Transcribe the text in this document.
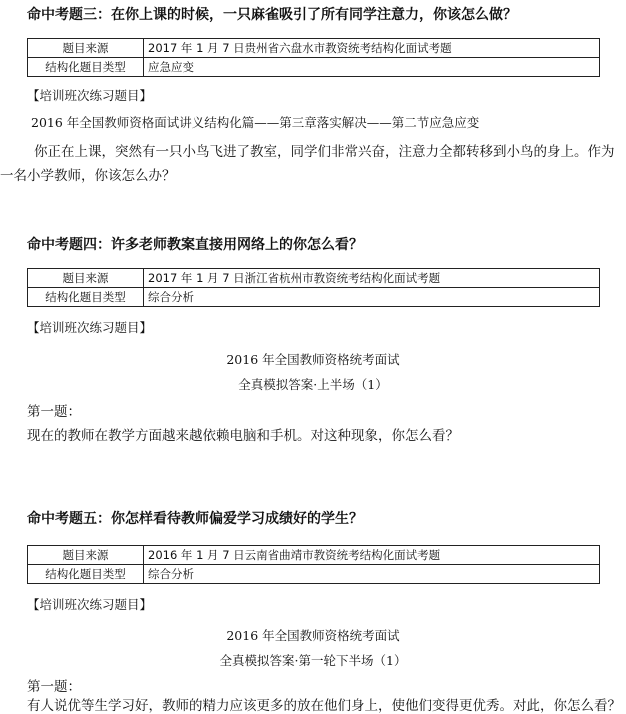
命中考题三：在你上课的时候，一只麻雀吸引了所有同学注意力，你该怎么做？
题目来源	2017 年 1 月 7 日贵州省六盘水市教资统考结构化面试考题
结构化题目类型	应急应变
【培训班次练习题目】
2016 年全国教师资格面试讲义结构化篇——第三章落实解决——第二节应急应变
你正在上课，突然有一只小鸟飞进了教室，同学们非常兴奋，注意力全都转移到小鸟的身上。作为
一名小学教师，你该怎么办？
命中考题四：许多老师教案直接用网络上的你怎么看？
题目来源	2017 年 1 月 7 日浙江省杭州市教资统考结构化面试考题
结构化题目类型	综合分析
【培训班次练习题目】
2016 年全国教师资格统考面试
全真模拟答案·上半场（1）
第一题：
现在的教师在教学方面越来越依赖电脑和手机。对这种现象，你怎么看？
命中考题五：你怎样看待教师偏爱学习成绩好的学生？
题目来源	2016 年 1 月 7 日云南省曲靖市教资统考结构化面试考题
结构化题目类型	综合分析
【培训班次练习题目】
2016 年全国教师资格统考面试
全真模拟答案·第一轮下半场（1）
第一题：
有人说优等生学习好，教师的精力应该更多的放在他们身上，使他们变得更优秀。对此，你怎么看？
